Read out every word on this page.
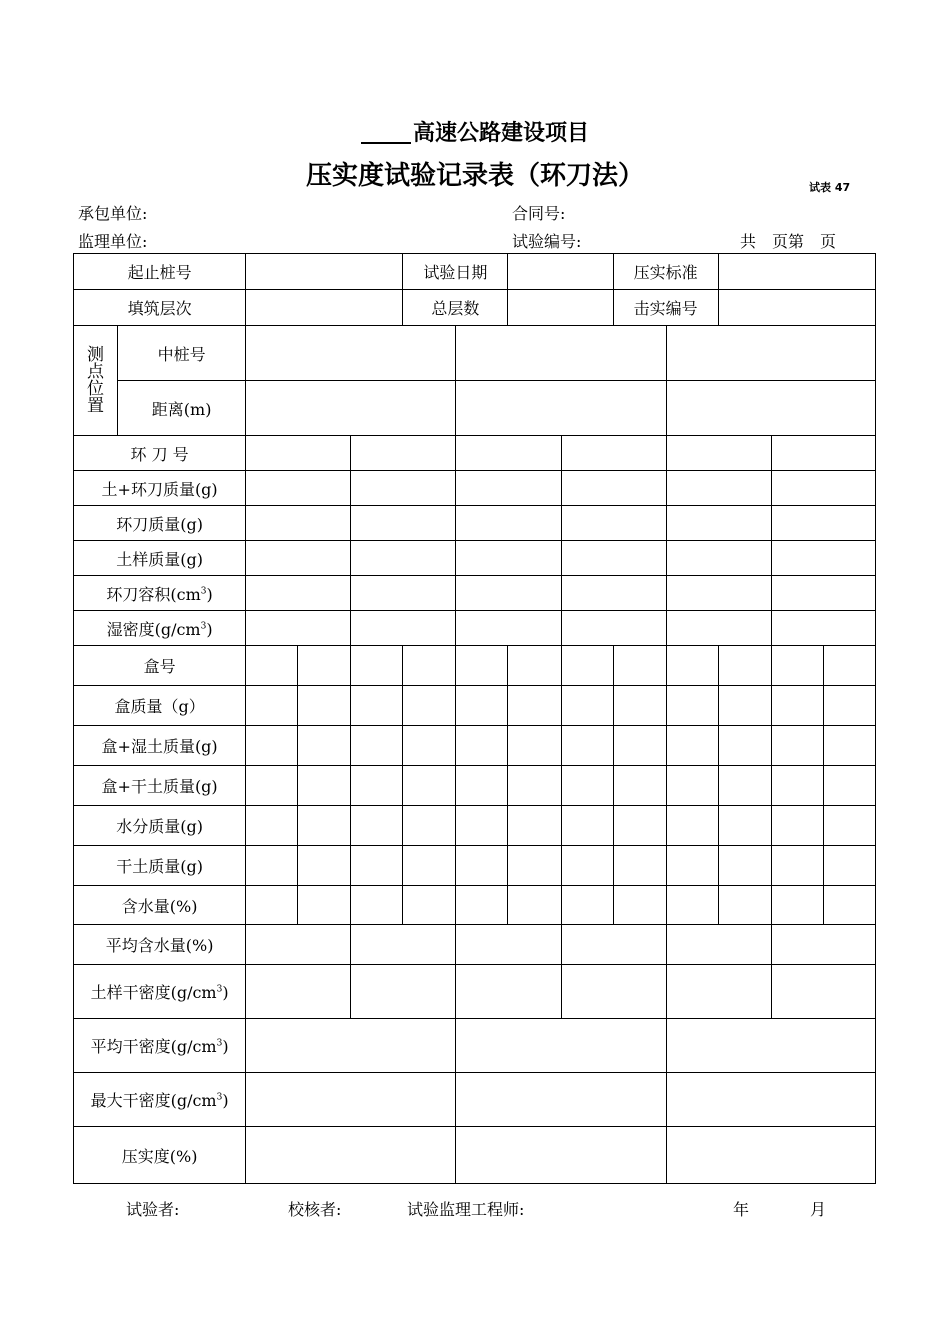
高速公路建设项目
压实度试验记录表（环刀法）	试表 47
承包单位:	合同号:
监理单位:	试验编号:	共　页第　页
起止桩号					试验日期				压实标准				
填筑层次					总层数				击实编号				
测点位置	中桩号												
	距离(m)												
环 刀 号													
土+环刀质量(g)													
环刀质量(g)													
土样质量(g)													
环刀容积$(cm^3)$													
湿密度$(g/cm^3)$													
盒号													
盒质量（g）													
盒+湿土质量(g)													
盒+干土质量(g)													
水分质量(g)													
干土质量(g)													
含水量(%)													
平均含水量(%)													
土样干密度$(g/cm^3)$													
平均干密度$(g/cm^3)$													
最大干密度$(g/cm^3)$													
压实度(%)													
试验者:	校核者:	试验监理工程师:	年	月
